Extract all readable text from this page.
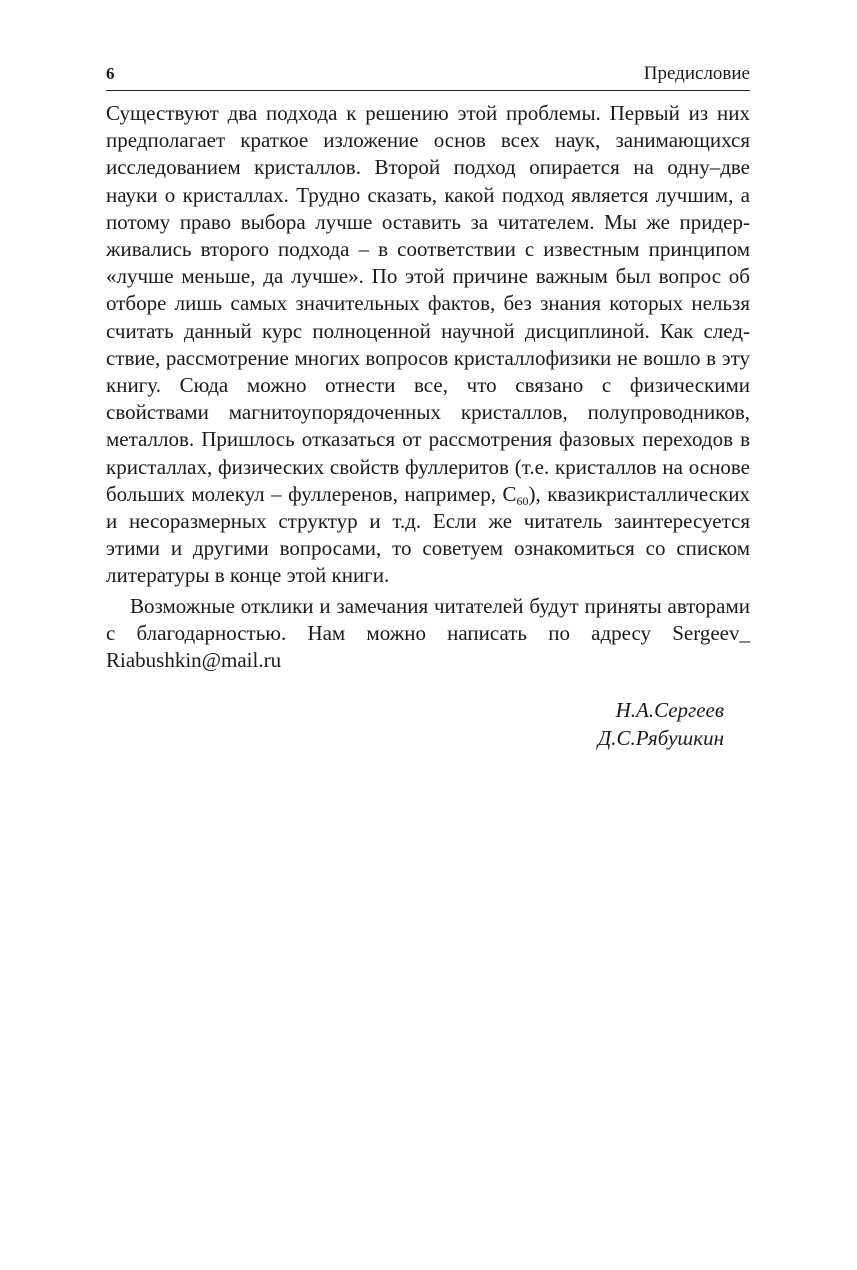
6	Предисловие

Существуют два подхода к решению этой проблемы. Первый из них предполагает краткое изложение основ всех наук, занимающихся исследованием кристаллов. Второй подход опирается на одну–две науки о кристаллах. Трудно сказать, какой подход является лучшим, а потому право выбора лучше оставить за читателем. Мы же придерживались второго подхода – в соответствии с известным принципом «лучше меньше, да лучше». По этой причине важным был вопрос об отборе лишь самых значительных фактов, без знания которых нельзя считать данный курс полноценной научной дисциплиной. Как следствие, рассмотрение многих вопросов кристаллофизики не вошло в эту книгу. Сюда можно отнести все, что связано с физическими свойствами магнитоупорядоченных кристаллов, полупроводников, металлов. Пришлось отказаться от рассмотрения фазовых переходов в кристаллах, физических свойств фуллеритов (т.е. кристаллов на основе больших молекул – фуллеренов, например, $C_{60}$), квазикристаллических и несоразмерных структур и т.д. Если же читатель заинтересуется этими и другими вопросами, то советуем ознакомиться со списком литературы в конце этой книги.

Возможные отклики и замечания читателей будут приняты авторами с благодарностью. Нам можно написать по адресу Sergeev_ Riabushkin@mail.ru

Н.А.Сергеев
Д.С.Рябушкин
